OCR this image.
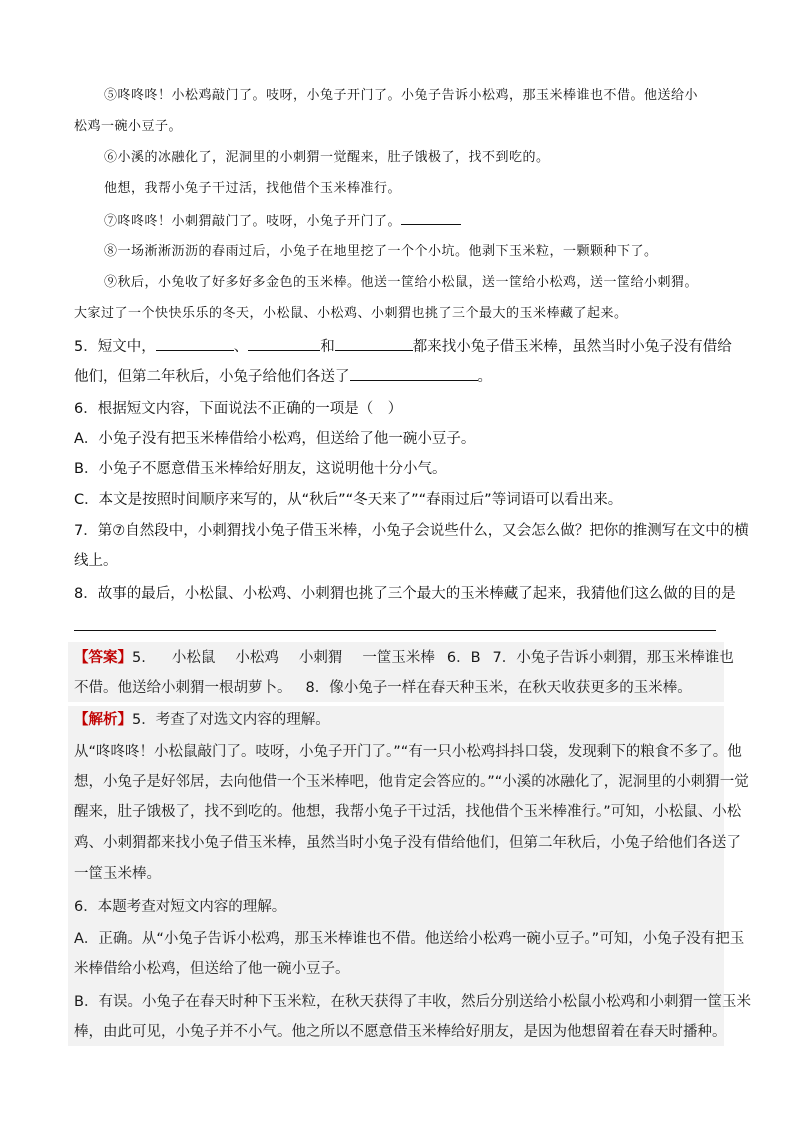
⑤咚咚咚！小松鸡敲门了。吱呀，小兔子开门了。小兔子告诉小松鸡，那玉米棒谁也不借。他送给小
松鸡一碗小豆子。
⑥小溪的冰融化了，泥洞里的小刺猬一觉醒来，肚子饿极了，找不到吃的。
他想，我帮小兔子干过活，找他借个玉米棒准行。
⑦咚咚咚！小刺猬敲门了。吱呀，小兔子开门了。
⑧一场淅淅沥沥的春雨过后，小兔子在地里挖了一个个小坑。他剥下玉米粒，一颗颗种下了。
⑨秋后，小兔收了好多好多金色的玉米棒。他送一筐给小松鼠，送一筐给小松鸡，送一筐给小刺猬。
大家过了一个快快乐乐的冬天，小松鼠、小松鸡、小刺猬也挑了三个最大的玉米棒藏了起来。
5．短文中，	、	和	都来找小兔子借玉米棒，虽然当时小兔子没有借给
他们，但第二年秋后，小兔子给他们各送了	。
6．根据短文内容，下面说法不正确的一项是（　）
A．小兔子没有把玉米棒借给小松鸡，但送给了他一碗小豆子。
B．小兔子不愿意借玉米棒给好朋友，这说明他十分小气。
C．本文是按照时间顺序来写的，从“秋后”“冬天来了”“春雨过后”等词语可以看出来。
7．第⑦自然段中，小刺猬找小兔子借玉米棒，小兔子会说些什么，又会怎么做？把你的推测写在文中的横
线上。
8．故事的最后，小松鼠、小松鸡、小刺猬也挑了三个最大的玉米棒藏了起来，我猜他们这么做的目的是
【答案】5. 小松鼠 小松鸡 小刺猬 一筐玉米棒 6．B 7．小兔子告诉小刺猬，那玉米棒谁也
不借。他送给小刺猬一根胡萝卜。 8．像小兔子一样在春天种玉米，在秋天收获更多的玉米棒。
【解析】5．考查了对选文内容的理解。
从“咚咚咚！小松鼠敲门了。吱呀，小兔子开门了。”“有一只小松鸡抖抖口袋，发现剩下的粮食不多了。他
想，小兔子是好邻居，去向他借一个玉米棒吧，他肯定会答应的。”“小溪的冰融化了，泥洞里的小刺猬一觉
醒来，肚子饿极了，找不到吃的。他想，我帮小兔子干过活，找他借个玉米棒准行。”可知，小松鼠、小松
鸡、小刺猬都来找小兔子借玉米棒，虽然当时小兔子没有借给他们，但第二年秋后，小兔子给他们各送了
一筐玉米棒。
6．本题考查对短文内容的理解。
A．正确。从“小兔子告诉小松鸡，那玉米棒谁也不借。他送给小松鸡一碗小豆子。”可知，小兔子没有把玉
米棒借给小松鸡，但送给了他一碗小豆子。
B．有误。小兔子在春天时种下玉米粒，在秋天获得了丰收，然后分别送给小松鼠小松鸡和小刺猬一筐玉米
棒，由此可见，小兔子并不小气。他之所以不愿意借玉米棒给好朋友，是因为他想留着在春天时播种。
